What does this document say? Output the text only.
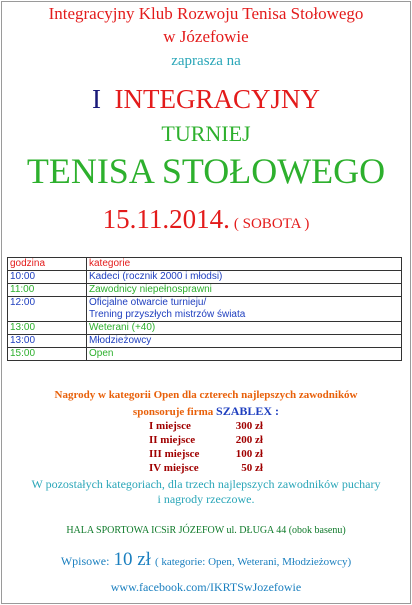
Integracyjny Klub Rozwoju Tenisa Stołowego
w Józefowie
zaprasza na
I INTEGRACYJNY
TURNIEJ
TENISA STOŁOWEGO
15.11.2014. ( SOBOTA )
godzina	kategorie
10:00	Kadeci (rocznik 2000 i młodsi)
11:00	Zawodnicy niepełnosprawni
12:00	Oficjalne otwarcie turnieju/
Trening przyszłych mistrzów świata

13:00	Weterani (+40)
13:00	Młodzieżowcy
15:00	Open
Nagrody w kategorii Open dla czterech najlepszych zawodników
sponsoruje firma SZABLEX :
I miejsce	300 zł
II miejsce	200 zł
III miejsce	100 zł
IV miejsce	50 zł
W pozostałych kategoriach, dla trzech najlepszych zawodników puchary
i nagrody rzeczowe.
HALA SPORTOWA ICSiR JÓZEFOW ul. DŁUGA 44 (obok basenu)
Wpisowe: 10 zł ( kategorie: Open, Weterani, Młodzieżowcy)
www.facebook.com/IKRTSwJozefowie
